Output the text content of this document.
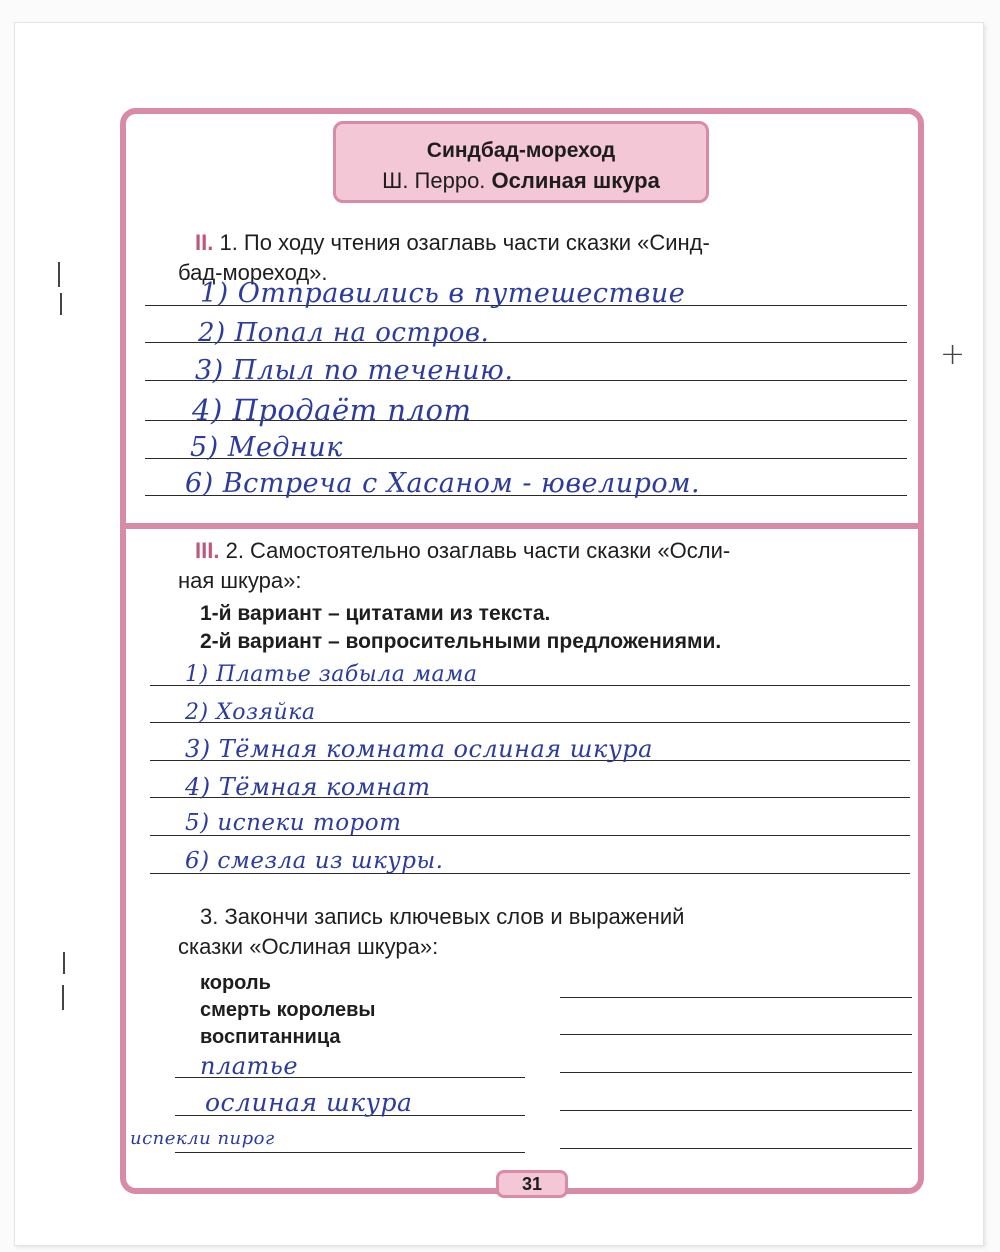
Синдбад-мореход
Ш. Перро. Ослиная шкура
II. 1. По ходу чтения озаглавь части сказки «Синд-
бад-мореход».
1) Отправились в путешествие
2) Попал на остров.
3) Плыл по течению.
4) Продаёт плот
5) Медник
6) Встреча с Хасаном - ювелиром.
III. 2. Самостоятельно озаглавь части сказки «Осли-
ная шкура»:
1-й вариант – цитатами из текста.
2-й вариант – вопросительными предложениями.
1) Платье забыла мама
2) Хозяйка
3) Тёмная комната ослиная шкура
4) Тёмная комнат
5) испеки торот
6) смезла из шкуры.
3. Закончи запись ключевых слов и выражений
сказки «Ослиная шкура»:
король
смерть королевы
воспитанница
платье
ослиная шкура
испекли пирог
+
31
